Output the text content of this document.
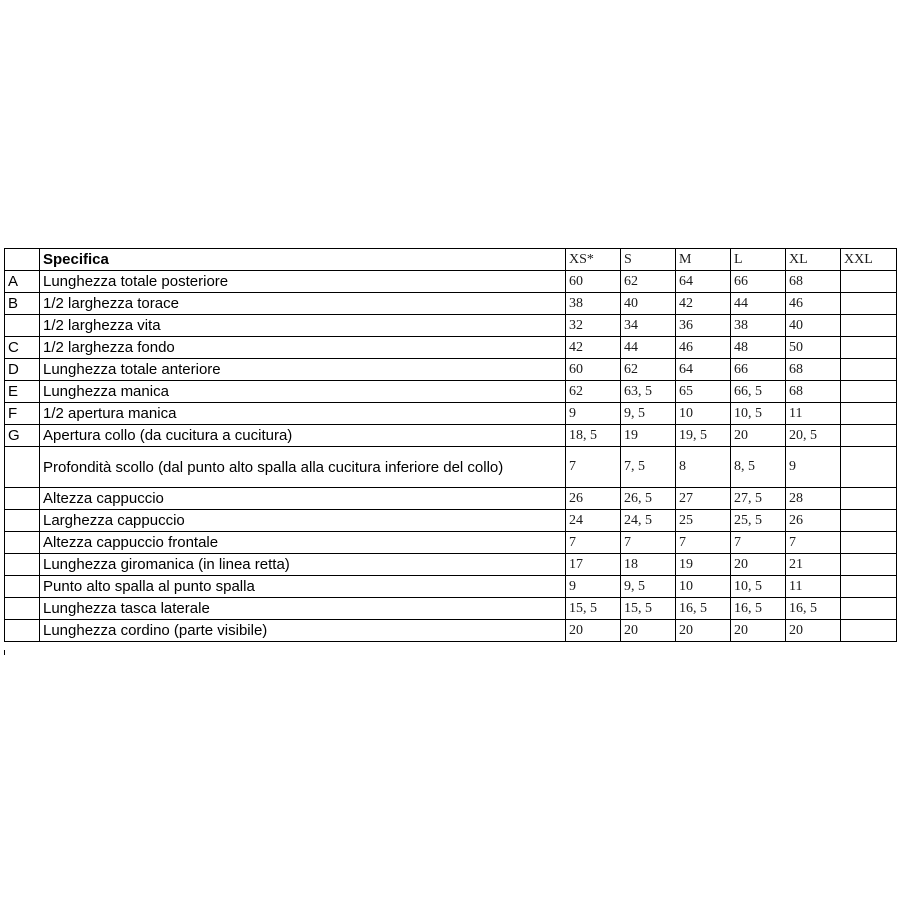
	Specifica	XS*	S	M	L	XL	XXL
A	Lunghezza totale posteriore	60	62	64	66	68	
B	1/2 larghezza torace	38	40	42	44	46	
	1/2 larghezza vita	32	34	36	38	40	
C	1/2 larghezza fondo	42	44	46	48	50	
D	Lunghezza totale anteriore	60	62	64	66	68	
E	Lunghezza manica	62	63, 5	65	66, 5	68	
F	1/2 apertura manica	9	9, 5	10	10, 5	11	
G	Apertura collo (da cucitura a cucitura)	18, 5	19	19, 5	20	20, 5	
	Profondità scollo (dal punto alto spalla alla cucitura inferiore del collo)	7	7, 5	8	8, 5	9	
	Altezza cappuccio	26	26, 5	27	27, 5	28	
	Larghezza cappuccio	24	24, 5	25	25, 5	26	
	Altezza cappuccio frontale	7	7	7	7	7	
	Lunghezza giromanica (in linea retta)	17	18	19	20	21	
	Punto alto spalla al punto spalla	9	9, 5	10	10, 5	11	
	Lunghezza tasca laterale	15, 5	15, 5	16, 5	16, 5	16, 5	
	Lunghezza cordino (parte visibile)	20	20	20	20	20	
